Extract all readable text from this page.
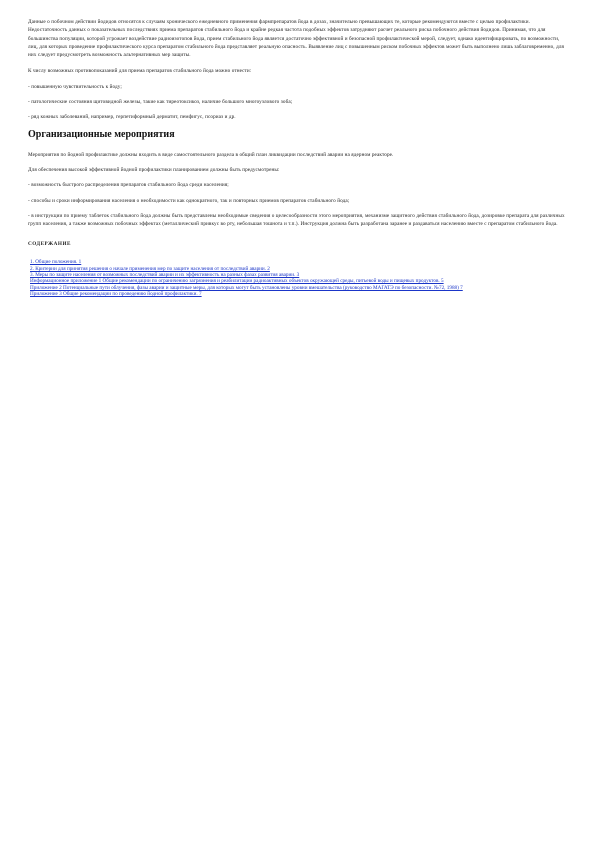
Данные о побочном действии йодидов относятся к случаям хронического ежедневного применения фармпрепаратов йода в дозах, значительно превышающих те, которые рекомендуются вместе с целью профилактики. Недостаточность данных о показательных последствиях приема препаратов стабильного йода и крайне редкая частота подобных эффектов затрудняют расчет реального риска побочного действия йодидов. Принимая, что для большинства популяции, которой угрожает воздействие радиоизотопов йода, прием стабильного йода является достаточно эффективной и безопасной профилактической мерой, следует, однако идентифицировать, по возможности, лиц, для которых проведение профилактического курса препаратом стабильного йода представляет реальную опасность. Выявление лиц с повышенным риском побочных эффектов может быть выполнено лишь заблаговременно, для них следует предусмотреть возможность альтернативных мер защиты.

К числу возможных противопоказаний для приема препаратов стабильного йода можно отнести:

- повышенную чувствительность к йоду;

- патологические состояния щитовидной железы, такие как тиреотоксикоз, наличие большого многоузлового зоба;

- ряд кожных заболеваний, например, герпетиформный дерматит, пемфигус, псориаз и др.

Организационные мероприятия

Мероприятия по йодной профилактике должны входить в виде самостоятельного раздела в общий план ликвидации последствий аварии на ядерном реакторе.

Для обеспечения высокой эффективной йодной профилактики планированием должны быть предусмотрены:

- возможность быстрого распределения препаратов стабильного йода среди населения;

- способы и сроки информирования населения о необходимости как однократного, так и повторных приемов препаратов стабильного йода;

- в инструкции по приему таблеток стабильного йода должны быть представлены необходимые сведения о целесообразности этого мероприятия, механизме защитного действия стабильного йода, дозировке препарата для различных групп населения, а также возможных побочных эффектах (металлический привкус во рту, небольшая тошнота и т.п.). Инструкция должна быть разработана заранее и раздаваться населению вместе с препаратом стабильного йода.

СОДЕРЖАНИЕ
1. Общие положения. 1
2. Критерии для принятия решения о начале применения мер по защите населения от последствий аварии. 2
3. Меры по защите населения от возможных последствий аварии и их эффективность на разных фазах развития аварии. 3
Информационное приложение 1 Общие рекомендации по ограничению загрязнения и реабилитации радиоактивных объектов окружающей среды, питьевой воды и пищевых продуктов. 5
Приложение 2 Потенциальные пути облучения, фазы аварии и защитные меры, для которых могут быть установлены уровни вмешательства (руководство МАГАТЭ по безопасности. №72, 1988) 7
Приложение 3 Общие рекомендации по проведению йодной профилактики. 7
